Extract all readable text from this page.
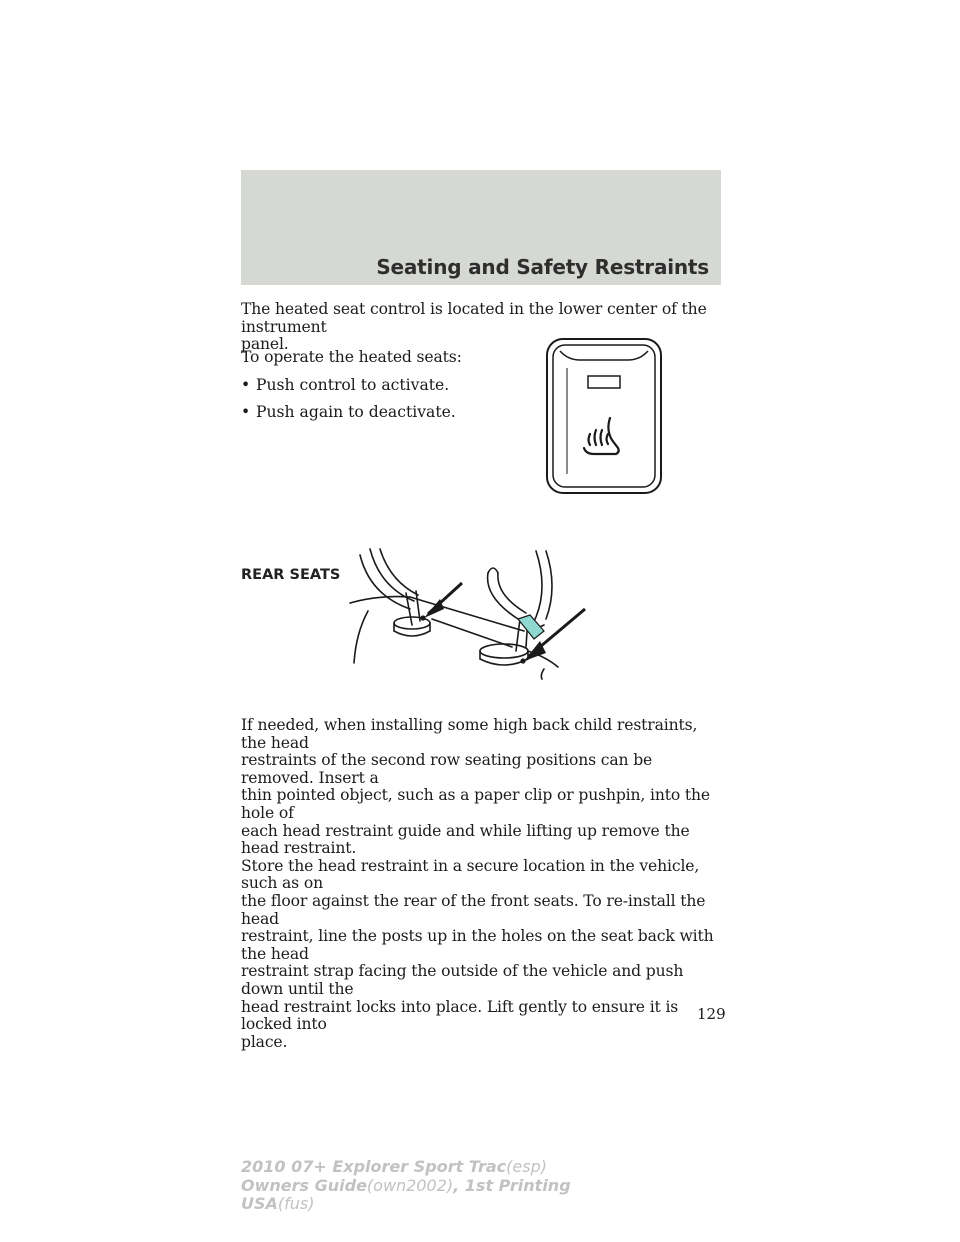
Seating and Safety Restraints

The heated seat control is located in the lower center of the instrument
panel.

To operate the heated seats:

• Push control to activate.

• Push again to deactivate.

REAR SEATS

If needed, when installing some high back child restraints, the head
restraints of the second row seating positions can be removed. Insert a
thin pointed object, such as a paper clip or pushpin, into the hole of
each head restraint guide and while lifting up remove the head restraint.
Store the head restraint in a secure location in the vehicle, such as on
the floor against the rear of the front seats. To re-install the head
restraint, line the posts up in the holes on the seat back with the head
restraint strap facing the outside of the vehicle and push down until the
head restraint locks into place. Lift gently to ensure it is locked into
place.

129
2010 07+ Explorer Sport Trac(esp)
Owners Guide(own2002), 1st Printing
USA(fus)
